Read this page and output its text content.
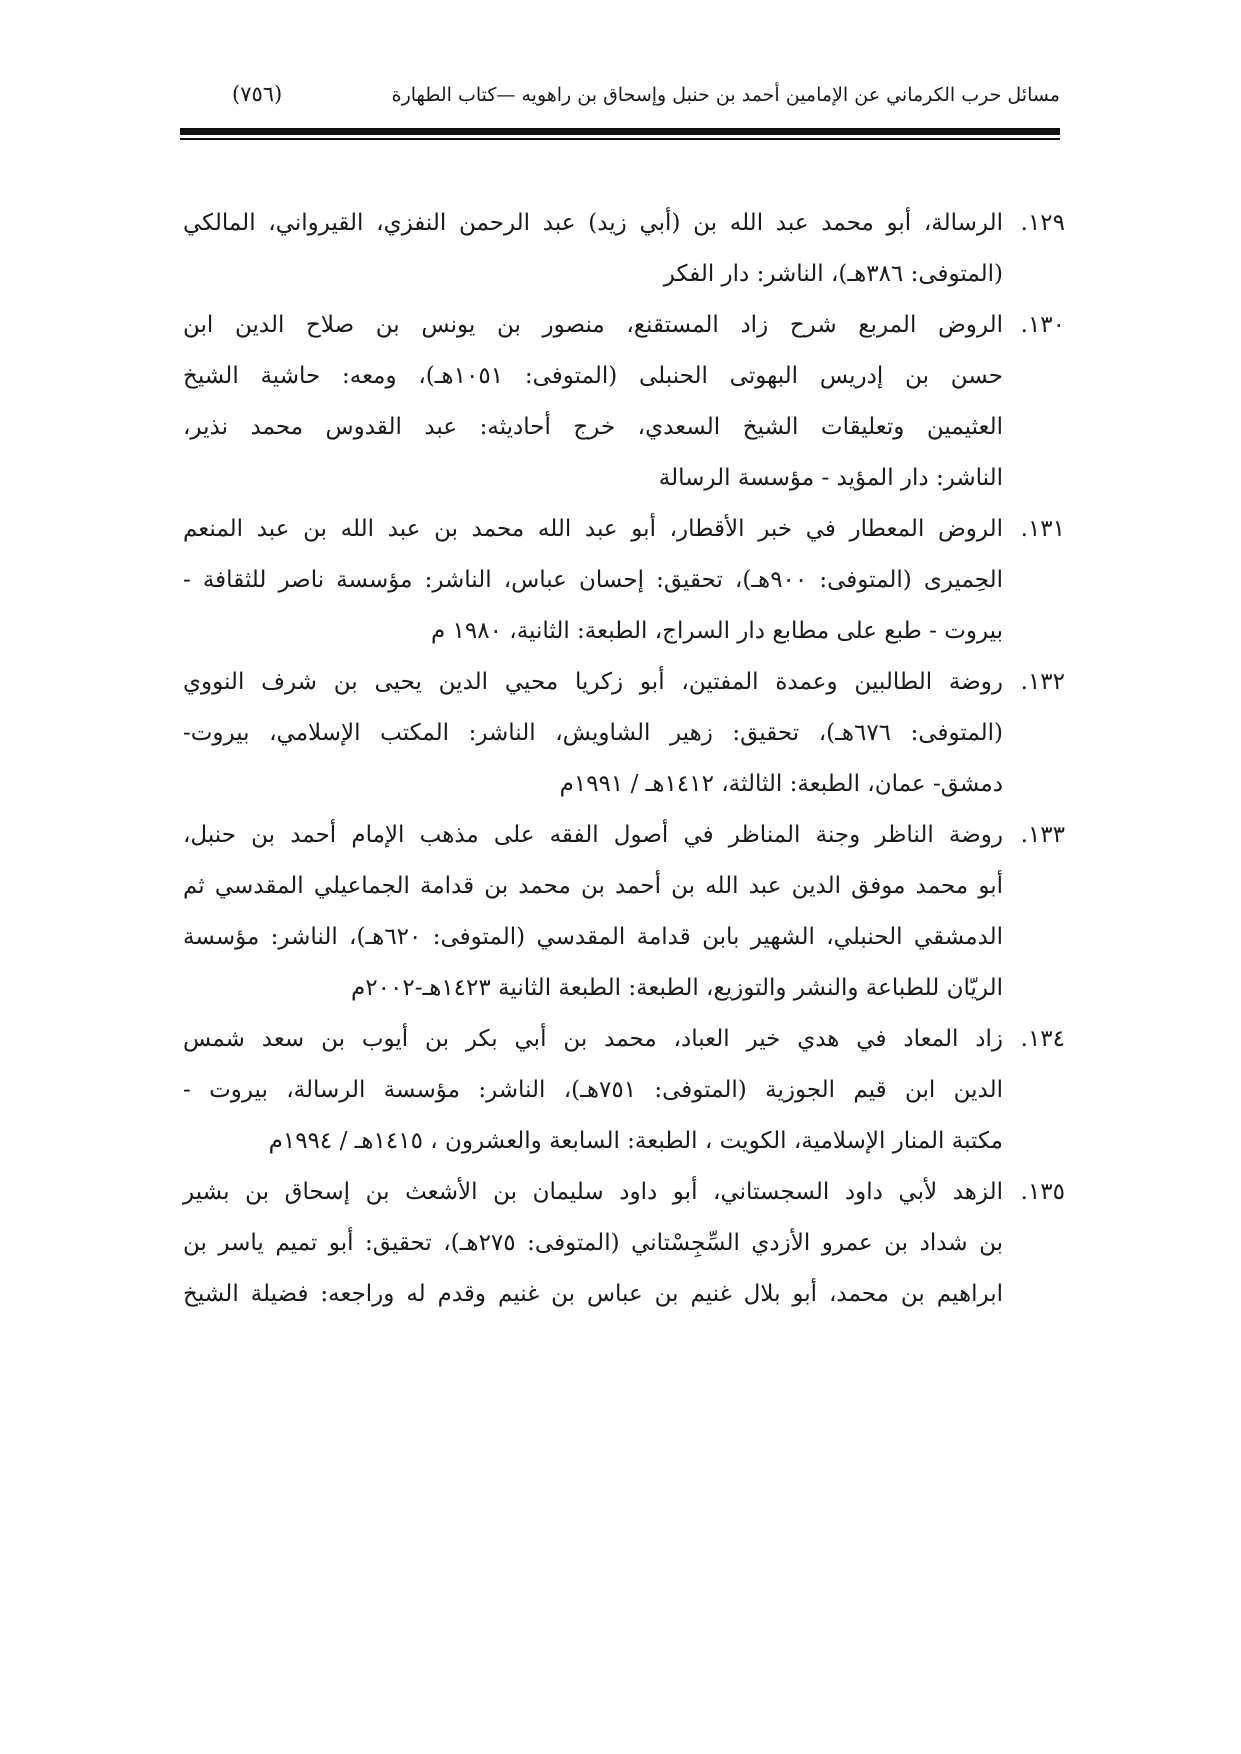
مسائل حرب الكرماني عن الإمامين أحمد بن حنبل وإسحاق بن راهويه —كتاب الطهارة
(٧٥٦)
١٢٩.
الرسالة، أبو محمد عبد الله بن (أبي زيد) عبد الرحمن النفزي، القيرواني، المالكي
(المتوفى: ٣٨٦هـ)، الناشر: دار الفكر
١٣٠.
الروض المربع شرح زاد المستقنع، منصور بن يونس بن صلاح الدين ابن
حسن بن إدريس البهوتى الحنبلى (المتوفى: ١٠٥١هـ)، ومعه: حاشية الشيخ
العثيمين وتعليقات الشيخ السعدي، خرج أحاديثه: عبد القدوس محمد نذير،
الناشر: دار المؤيد - مؤسسة الرسالة
١٣١.
الروض المعطار في خبر الأقطار، أبو عبد الله محمد بن عبد الله بن عبد المنعم
الحِميرى (المتوفى: ٩٠٠هـ)، تحقيق: إحسان عباس، الناشر: مؤسسة ناصر للثقافة -
بيروت - طبع على مطابع دار السراج، الطبعة: الثانية، ١٩٨٠ م
١٣٢.
روضة الطالبين وعمدة المفتين، أبو زكريا محيي الدين يحيى بن شرف النووي
(المتوفى: ٦٧٦هـ)، تحقيق: زهير الشاويش، الناشر: المكتب الإسلامي، بيروت-
دمشق- عمان، الطبعة: الثالثة، ١٤١٢هـ / ١٩٩١م
١٣٣.
روضة الناظر وجنة المناظر في أصول الفقه على مذهب الإمام أحمد بن حنبل،
أبو محمد موفق الدين عبد الله بن أحمد بن محمد بن قدامة الجماعيلي المقدسي ثم
الدمشقي الحنبلي، الشهير بابن قدامة المقدسي (المتوفى: ٦٢٠هـ)، الناشر: مؤسسة
الريّان للطباعة والنشر والتوزيع، الطبعة: الطبعة الثانية ١٤٢٣هـ-٢٠٠٢م
١٣٤.
زاد المعاد في هدي خير العباد، محمد بن أبي بكر بن أيوب بن سعد شمس
الدين ابن قيم الجوزية (المتوفى: ٧٥١هـ)، الناشر: مؤسسة الرسالة، بيروت -
مكتبة المنار الإسلامية، الكويت ، الطبعة: السابعة والعشرون ، ١٤١٥هـ / ١٩٩٤م
١٣٥.
الزهد لأبي داود السجستاني، أبو داود سليمان بن الأشعث بن إسحاق بن بشير
بن شداد بن عمرو الأزدي السِّجِسْتاني (المتوفى: ٢٧٥هـ)، تحقيق: أبو تميم ياسر بن
ابراهيم بن محمد، أبو بلال غنيم بن عباس بن غنيم وقدم له وراجعه: فضيلة الشيخ
